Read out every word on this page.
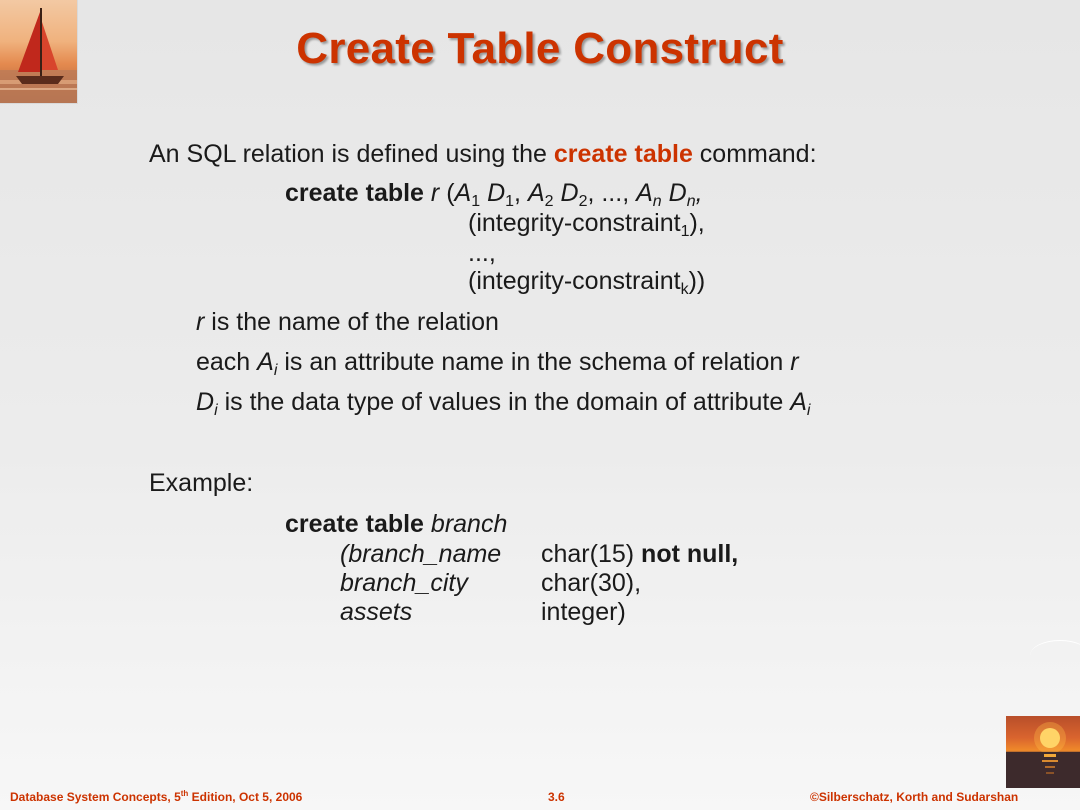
Create Table Construct
An SQL relation is defined using the create table command:
create table r ($A_1$ $D_1$, $A_2$ $D_2$, ..., $A_n$ $D_n$,
(integrity-constraint$_1$),
...,
(integrity-constraint$_k$))
r is the name of the relation
each $A_i$ is an attribute name in the schema of relation r
$D_i$ is the data type of values in the domain of attribute $A_i$
Example:
create table branch
(branch_name char(15) not null,
branch_city	char(30),
assets	integer)
Database System Concepts, 5th Edition, Oct 5, 2006	3.6	©Silberschatz, Korth and Sudarshan
